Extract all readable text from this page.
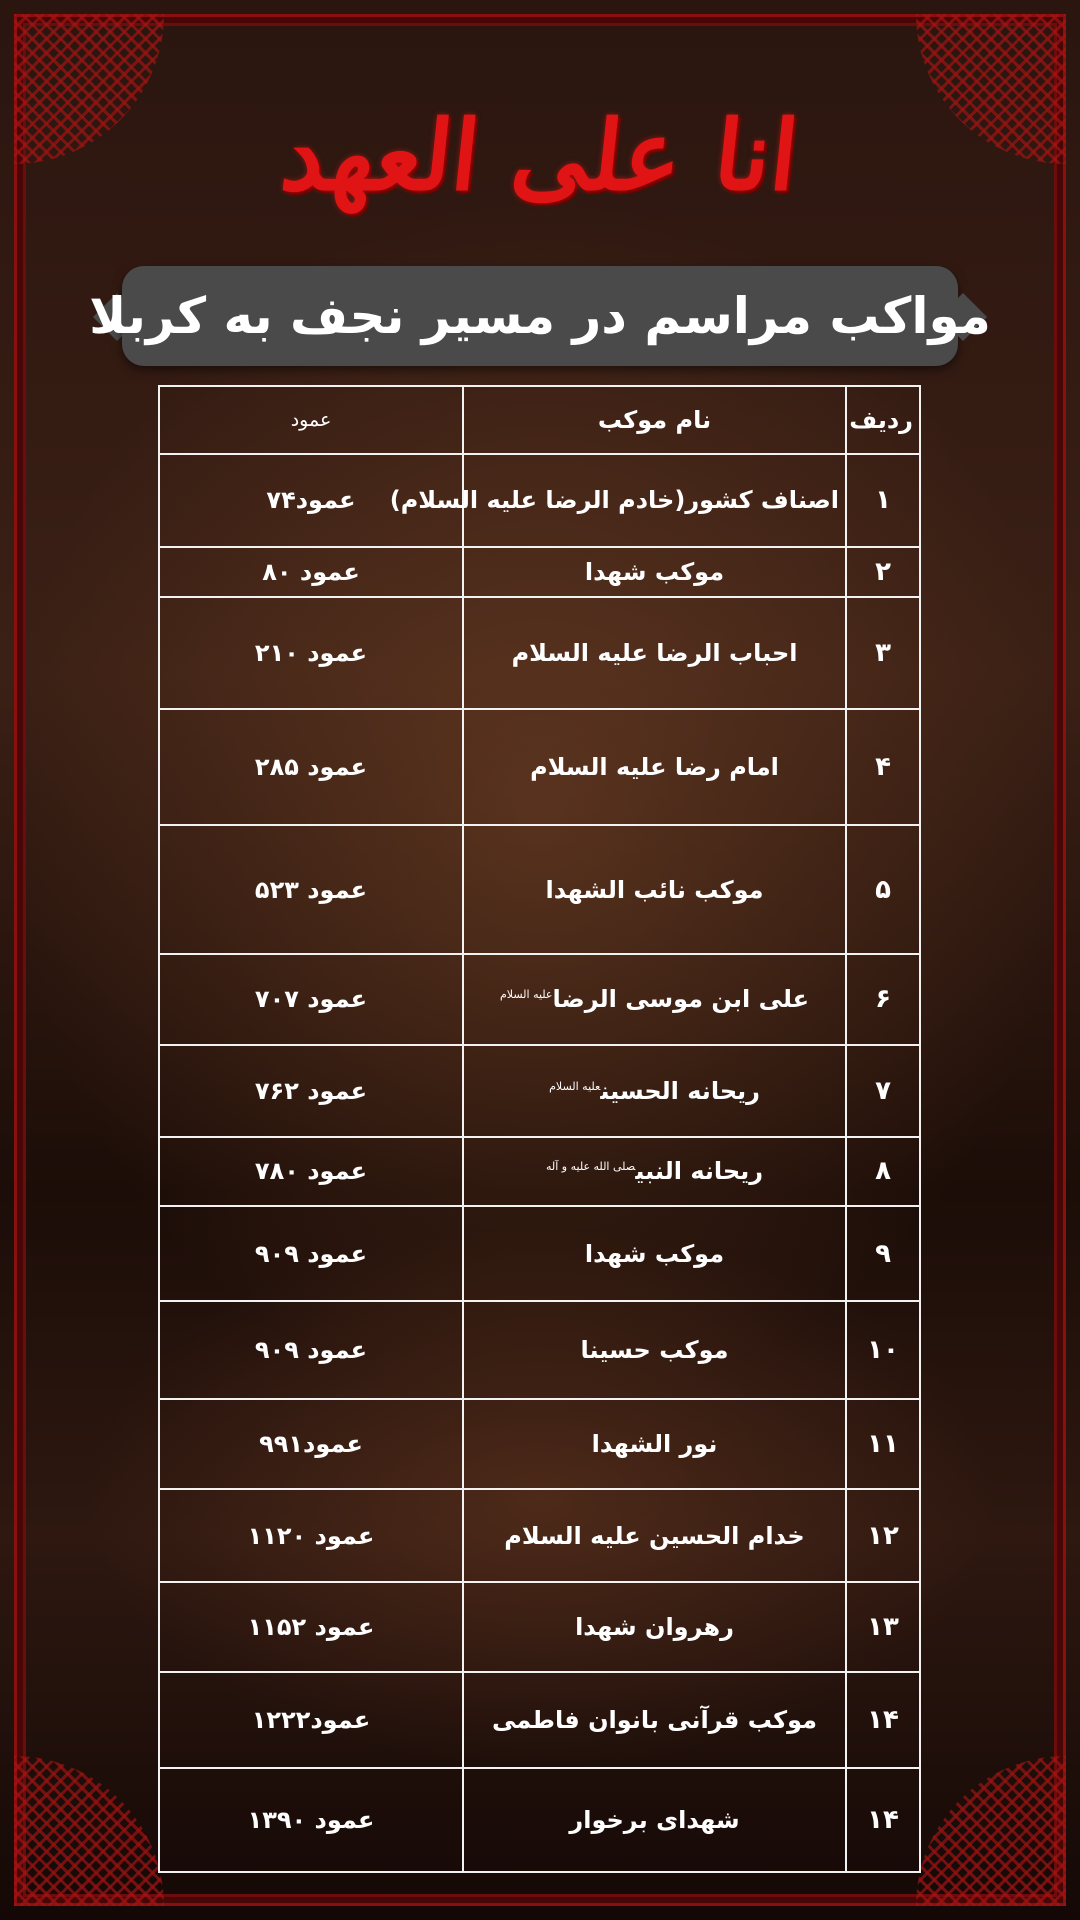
انا علی العهد
مواکب مراسم در مسیر نجف به کربلا
ردیف	نام موکب	عمود
۱	اصناف کشور(خادم الرضا علیه السلام)	عمود۷۴
۲	موکب شهدا	عمود ۸۰
۳	احباب الرضا علیه السلام	عمود ۲۱۰
۴	امام رضا علیه السلام	عمود ۲۸۵
۵	موکب نائب الشهدا	عمود ۵۲۳
۶	علی ابن موسی الرضا$^{علیه السلام}$	عمود ۷۰۷
۷	ریحانه الحسین$^{علیه السلام}$	عمود ۷۶۲
۸	ریحانه النبی$^{صلی الله علیه و آله}$	عمود ۷۸۰
۹	موکب شهدا	عمود ۹۰۹
۱۰	موکب حسینا	عمود ۹۰۹
۱۱	نور الشهدا	عمود۹۹۱
۱۲	خدام الحسین علیه السلام	عمود ۱۱۲۰
۱۳	رهروان شهدا	عمود ۱۱۵۲
۱۴	موکب قرآنی بانوان فاطمی	عمود۱۲۲۲
۱۴	شهدای برخوار	عمود ۱۳۹۰
